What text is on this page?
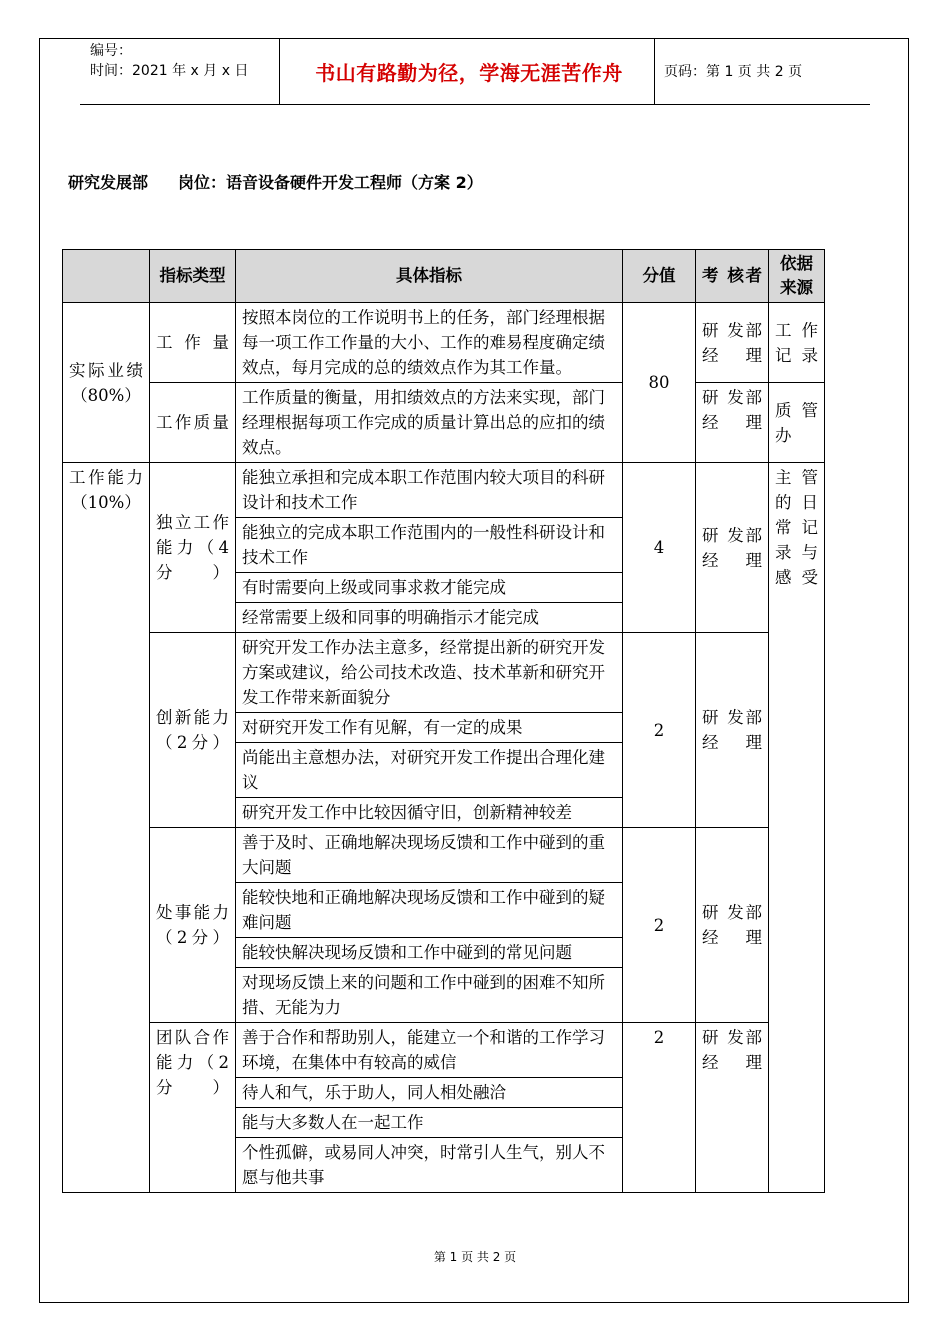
编号：
时间：2021 年 x 月 x 日	书山有路勤为径，学海无涯苦作舟	页码：第 1 页 共 2 页
研究发展部 岗位：语音设备硬件开发工程师（方案 2）
	指标类型	具体指标	分值	考 核者	依据来源
实际业绩
（80%）	工作量	按照本岗位的工作说明书上的任务，部门经理根据每一项工作工作量的大小、工作的难易程度确定绩效点，每月完成的总的绩效点作为其工作量。	80	研 发部经理	工作记录
	工作质量	工作质量的衡量，用扣绩效点的方法来实现，部门经理根据每项工作完成的质量计算出总的应扣的绩效点。		研 发部经理	质管办
工作能力
（10%）	独立工作能力（4分）	能独立承担和完成本职工作范围内较大项目的科研设计和技术工作	4	研 发部经理	主管的日常记录与感受
		能独立的完成本职工作范围内的一般性科研设计和技术工作			
		有时需要向上级或同事求救才能完成			
		经常需要上级和同事的明确指示才能完成			
	创新能力（2分）	研究开发工作办法主意多，经常提出新的研究开发方案或建议，给公司技术改造、技术革新和研究开发工作带来新面貌分	2	研 发部经理	
		对研究开发工作有见解，有一定的成果			
		尚能出主意想办法，对研究开发工作提出合理化建议			
		研究开发工作中比较因循守旧，创新精神较差			
	处事能力（2分）	善于及时、正确地解决现场反馈和工作中碰到的重大问题	2	研 发部经理	
		能较快地和正确地解决现场反馈和工作中碰到的疑难问题			
		能较快解决现场反馈和工作中碰到的常见问题			
		对现场反馈上来的问题和工作中碰到的困难不知所措、无能为力			
	团队合作能力（2分）	善于合作和帮助别人，能建立一个和谐的工作学习环境，在集体中有较高的威信	2	研 发部经理	
		待人和气，乐于助人，同人相处融洽			
		能与大多数人在一起工作			
		个性孤僻，或易同人冲突，时常引人生气，别人不愿与他共事			
第 1 页 共 2 页
